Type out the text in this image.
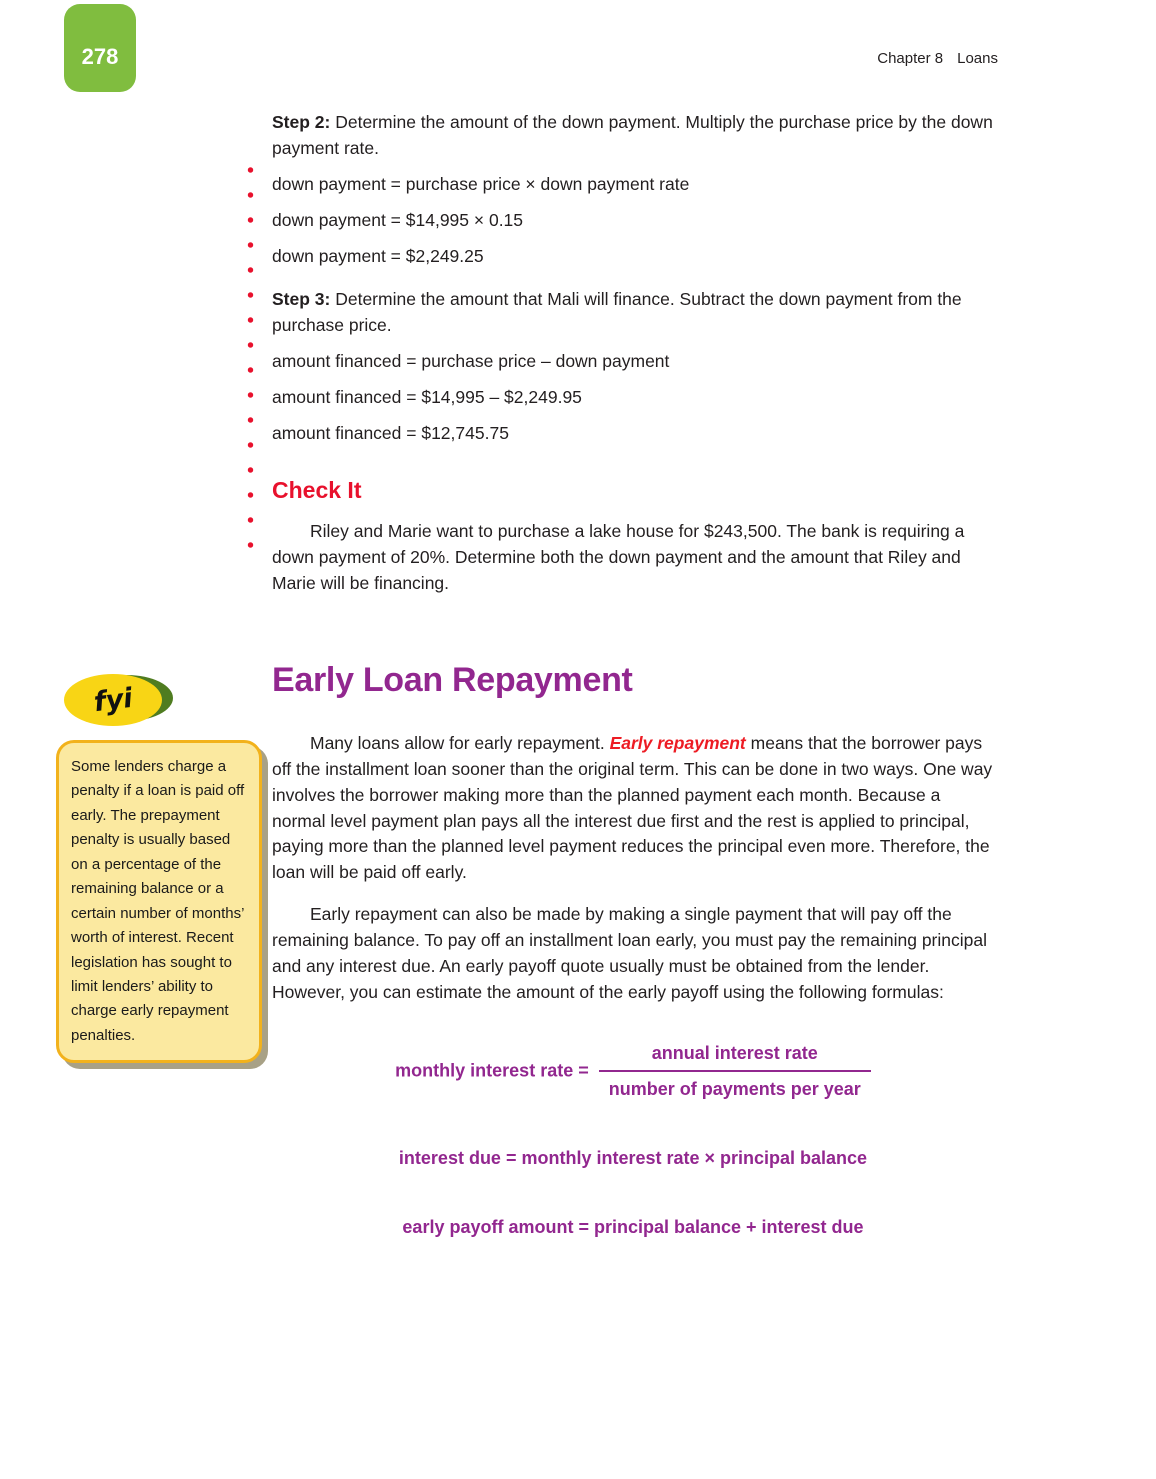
278	Chapter 8 Loans

Step 2: Determine the amount of the down payment. Multiply the purchase price by the down payment rate.

down payment = purchase price × down payment rate

down payment = $14,995 × 0.15

down payment = $2,249.25

Step 3: Determine the amount that Mali will finance. Subtract the down payment from the purchase price.

amount financed = purchase price – down payment

amount financed = $14,995 – $2,249.95

amount financed = $12,745.75

Check It

Riley and Marie want to purchase a lake house for $243,500. The bank is requiring a down payment of 20%. Determine both the down payment and the amount that Riley and Marie will be financing.

Early Loan Repayment

Many loans allow for early repayment. Early repayment means that the borrower pays off the installment loan sooner than the original term. This can be done in two ways. One way involves the borrower making more than the planned payment each month. Because a normal level payment plan pays all the interest due first and the rest is applied to principal, paying more than the planned level payment reduces the principal even more. Therefore, the loan will be paid off early.

Early repayment can also be made by making a single payment that will pay off the remaining balance. To pay off an installment loan early, you must pay the remaining principal and any interest due. An early payoff quote usually must be obtained from the lender. However, you can estimate the amount of the early payoff using the following formulas:

monthly interest rate = $\frac{\text{annual interest rate}}{\text{number of payments per year}}$
interest due = monthly interest rate × principal balance
early payoff amount = principal balance + interest due
fyi
Some lenders charge a penalty if a loan is paid off early. The prepayment penalty is usually based on a percentage of the remaining balance or a certain number of months’ worth of interest. Recent legislation has sought to limit lenders’ ability to charge early repayment penalties.
